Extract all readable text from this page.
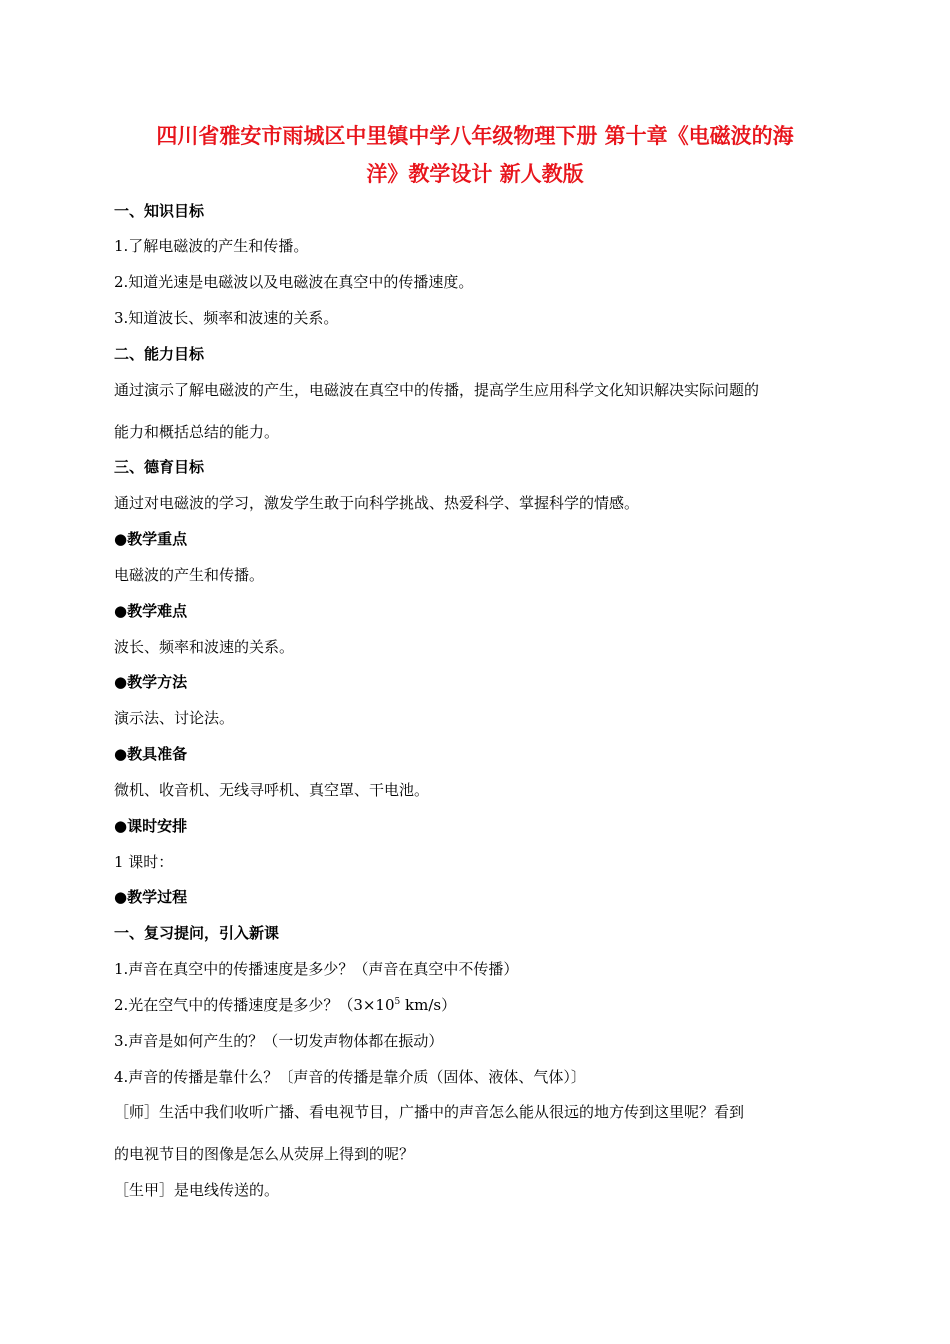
四川省雅安市雨城区中里镇中学八年级物理下册 第十章《电磁波的海
洋》教学设计 新人教版
一、知识目标
1.了解电磁波的产生和传播。
2.知道光速是电磁波以及电磁波在真空中的传播速度。
3.知道波长、频率和波速的关系。
二、能力目标
通过演示了解电磁波的产生，电磁波在真空中的传播，提高学生应用科学文化知识解决实际问题的
能力和概括总结的能力。
三、德育目标
通过对电磁波的学习，激发学生敢于向科学挑战、热爱科学、掌握科学的情感。
●教学重点
电磁波的产生和传播。
●教学难点
波长、频率和波速的关系。
●教学方法
演示法、讨论法。
●教具准备
微机、收音机、无线寻呼机、真空罩、干电池。
●课时安排
1 课时：
●教学过程
一、复习提问，引入新课
1.声音在真空中的传播速度是多少？（声音在真空中不传播）
2.光在空气中的传播速度是多少？（$3\times 10^5$ km/s）
3.声音是如何产生的？（一切发声物体都在振动）
4.声音的传播是靠什么？〔声音的传播是靠介质（固体、液体、气体）〕
［师］生活中我们收听广播、看电视节目，广播中的声音怎么能从很远的地方传到这里呢？看到
的电视节目的图像是怎么从荧屏上得到的呢？
［生甲］是电线传送的。
